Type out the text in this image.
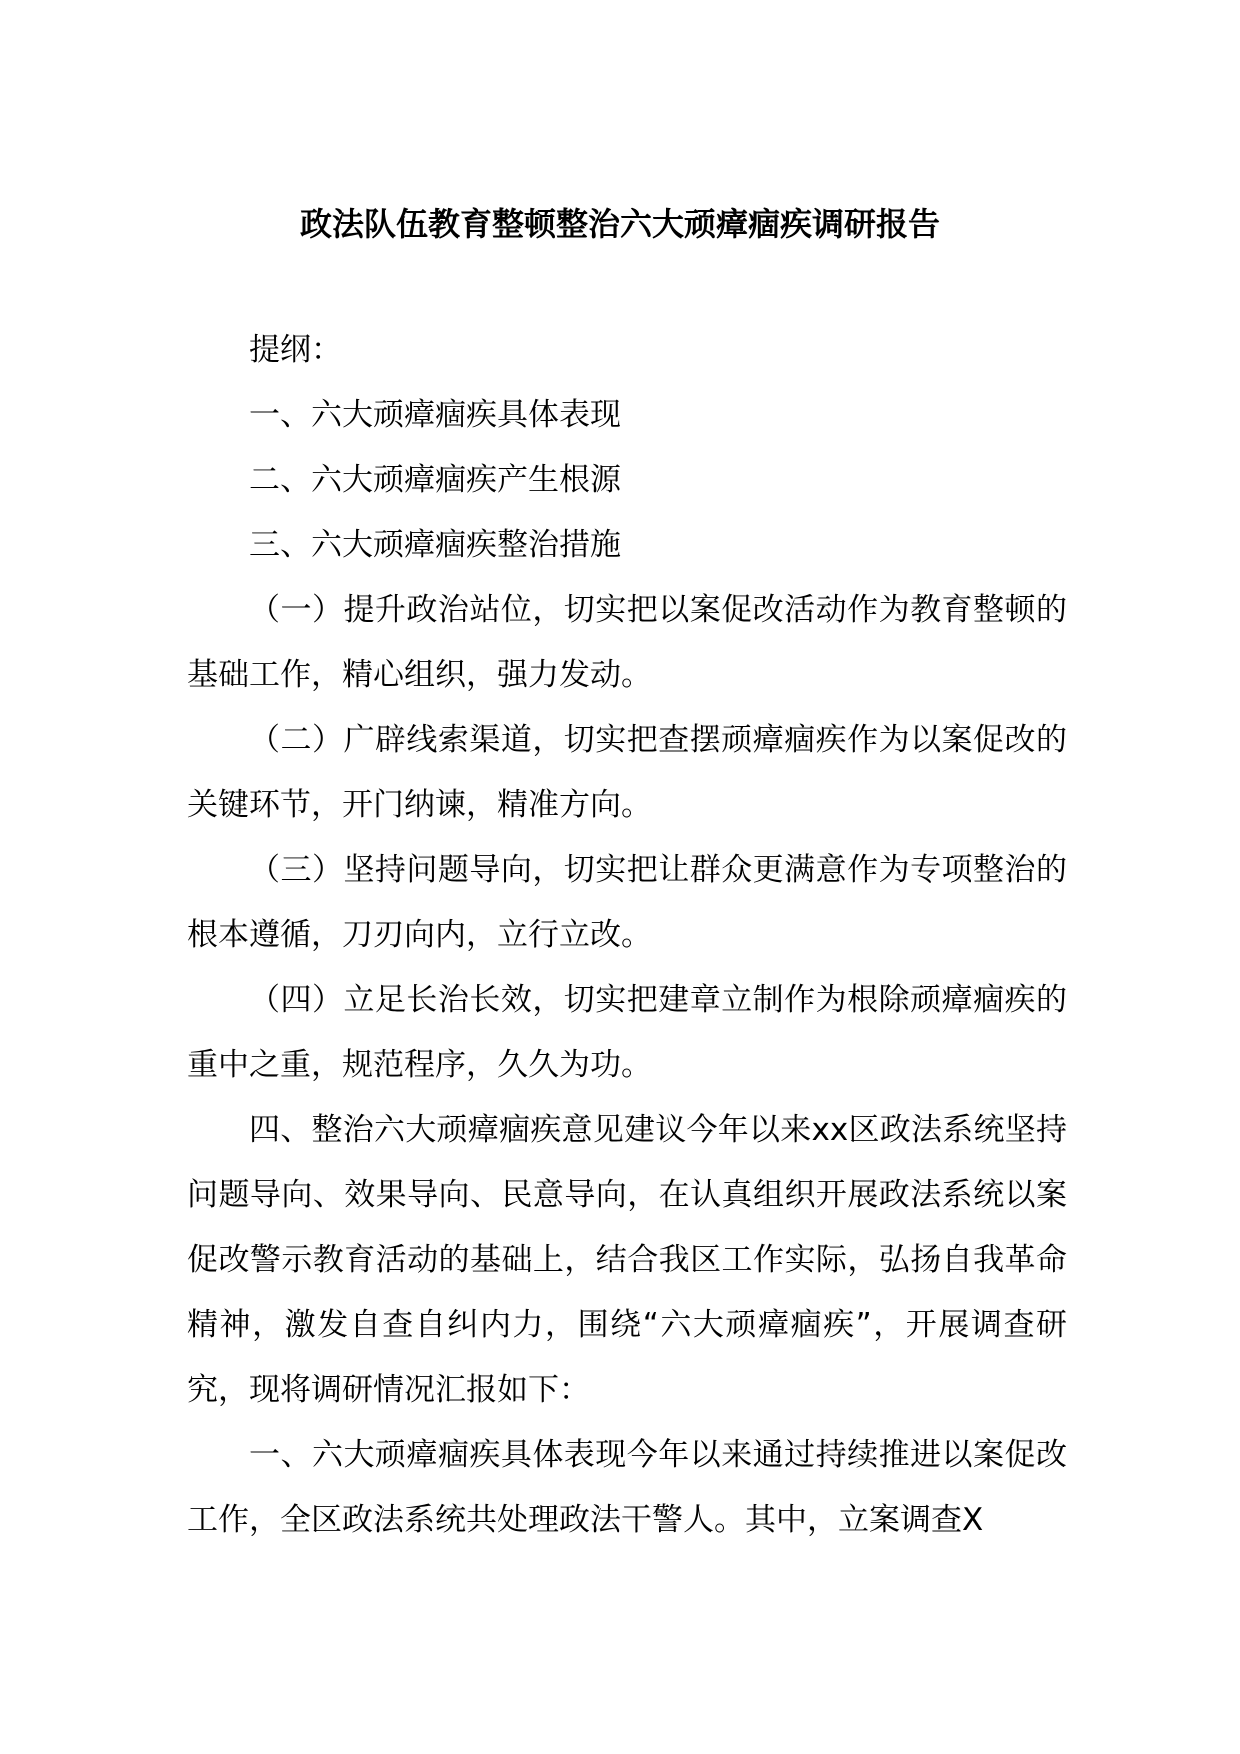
政法队伍教育整顿整治六大顽瘴痼疾调研报告

提纲：

一、六大顽瘴痼疾具体表现

二、六大顽瘴痼疾产生根源

三、六大顽瘴痼疾整治措施

（一）提升政治站位，切实把以案促改活动作为教育整顿的基础工作，精心组织，强力发动。

（二）广辟线索渠道，切实把查摆顽瘴痼疾作为以案促改的关键环节，开门纳谏，精准方向。

（三）坚持问题导向，切实把让群众更满意作为专项整治的根本遵循，刀刃向内，立行立改。

（四）立足长治长效，切实把建章立制作为根除顽瘴痼疾的重中之重，规范程序，久久为功。

四、整治六大顽瘴痼疾意见建议今年以来xx区政法系统坚持问题导向、效果导向、民意导向，在认真组织开展政法系统以案促改警示教育活动的基础上，结合我区工作实际，弘扬自我革命精神，激发自查自纠内力，围绕“六大顽瘴痼疾”，开展调查研究，现将调研情况汇报如下：

一、六大顽瘴痼疾具体表现今年以来通过持续推进以案促改工作，全区政法系统共处理政法干警人。其中，立案调查X
